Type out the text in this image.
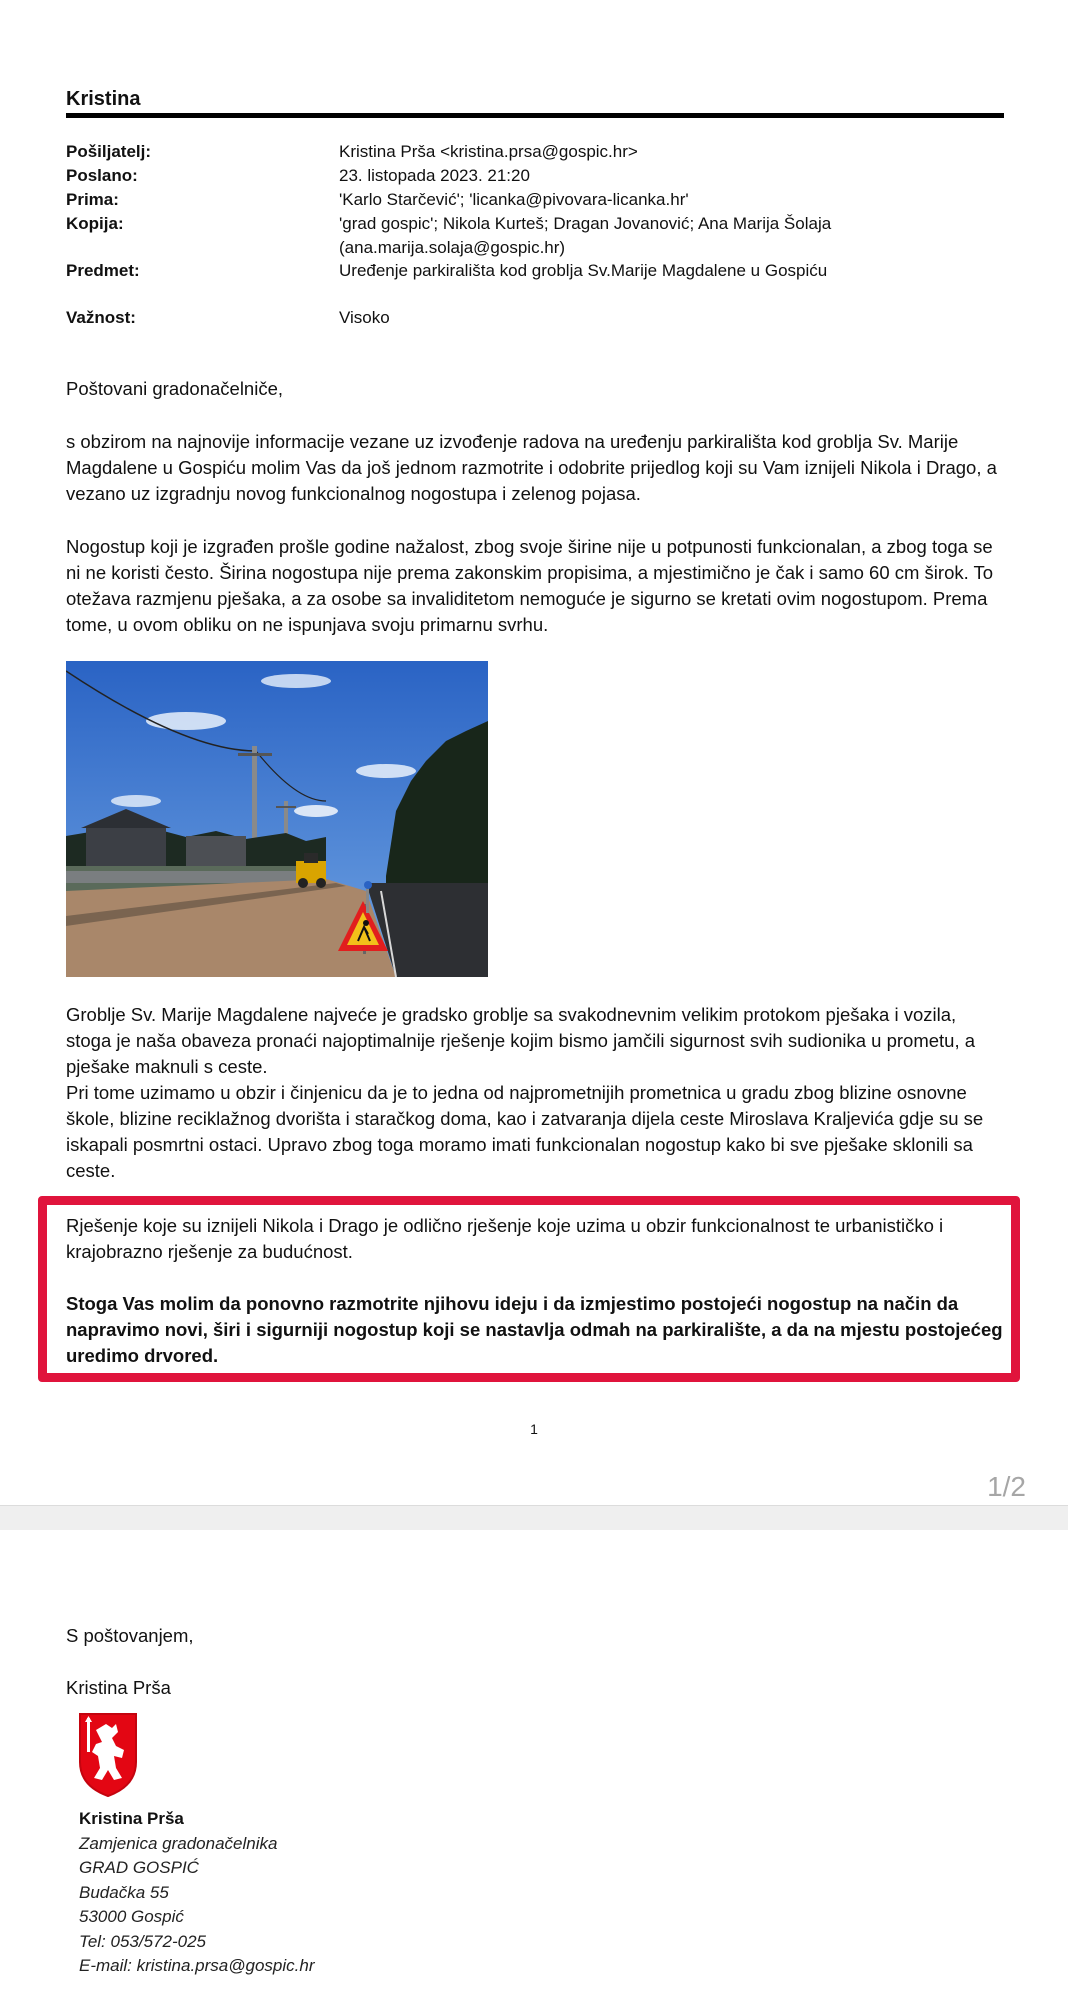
Kristina
Pošiljatelj:	Kristina Prša <kristina.prsa@gospic.hr>
Poslano:	23. listopada 2023. 21:20
Prima:	'Karlo Starčević'; 'licanka@pivovara-licanka.hr'
Kopija:	'grad gospic'; Nikola Kurteš; Dragan Jovanović; Ana Marija Šolaja
(ana.marija.solaja@gospic.hr)
Predmet:	Uređenje parkirališta kod groblja Sv.Marije Magdalene u Gospiću
Važnost:	Visoko
Poštovani gradonačelniče,
s obzirom na najnovije informacije vezane uz izvođenje radova na uređenju parkirališta kod groblja Sv. Marije Magdalene u Gospiću molim Vas da još jednom razmotrite i odobrite prijedlog koji su Vam iznijeli Nikola i Drago, a vezano uz izgradnju novog funkcionalnog nogostupa i zelenog pojasa.
Nogostup koji je izgrađen prošle godine nažalost, zbog svoje širine nije u potpunosti funkcionalan, a zbog toga se ni ne koristi često. Širina nogostupa nije prema zakonskim propisima, a mjestimično je čak i samo 60 cm širok. To otežava razmjenu pješaka, a za osobe sa invaliditetom nemoguće je sigurno se kretati ovim nogostupom. Prema tome, u ovom obliku on ne ispunjava svoju primarnu svrhu.
Groblje Sv. Marije Magdalene najveće je gradsko groblje sa svakodnevnim velikim protokom pješaka i vozila, stoga je naša obaveza pronaći najoptimalnije rješenje kojim bismo jamčili sigurnost svih sudionika u prometu, a pješake maknuli s ceste.
Pri tome uzimamo u obzir i činjenicu da je to jedna od najprometnijih prometnica u gradu zbog blizine osnovne škole, blizine reciklažnog dvorišta i staračkog doma, kao i zatvaranja dijela ceste Miroslava Kraljevića gdje su se iskapali posmrtni ostaci. Upravo zbog toga moramo imati funkcionalan nogostup kako bi sve pješake sklonili sa ceste.
Rješenje koje su iznijeli Nikola i Drago je odlično rješenje koje uzima u obzir funkcionalnost te urbanističko i krajobrazno rješenje za budućnost.
Stoga Vas molim da ponovno razmotrite njihovu ideju i da izmjestimo postojeći nogostup na način da napravimo novi, širi i sigurniji nogostup koji se nastavlja odmah na parkiralište, a da na mjestu postojećeg uredimo drvored.
1
1/2
S poštovanjem,
Kristina Prša
Kristina Prša
Zamjenica gradonačelnika
GRAD GOSPIĆ
Budačka 55
53000 Gospić
Tel: 053/572-025
E-mail: kristina.prsa@gospic.hr
